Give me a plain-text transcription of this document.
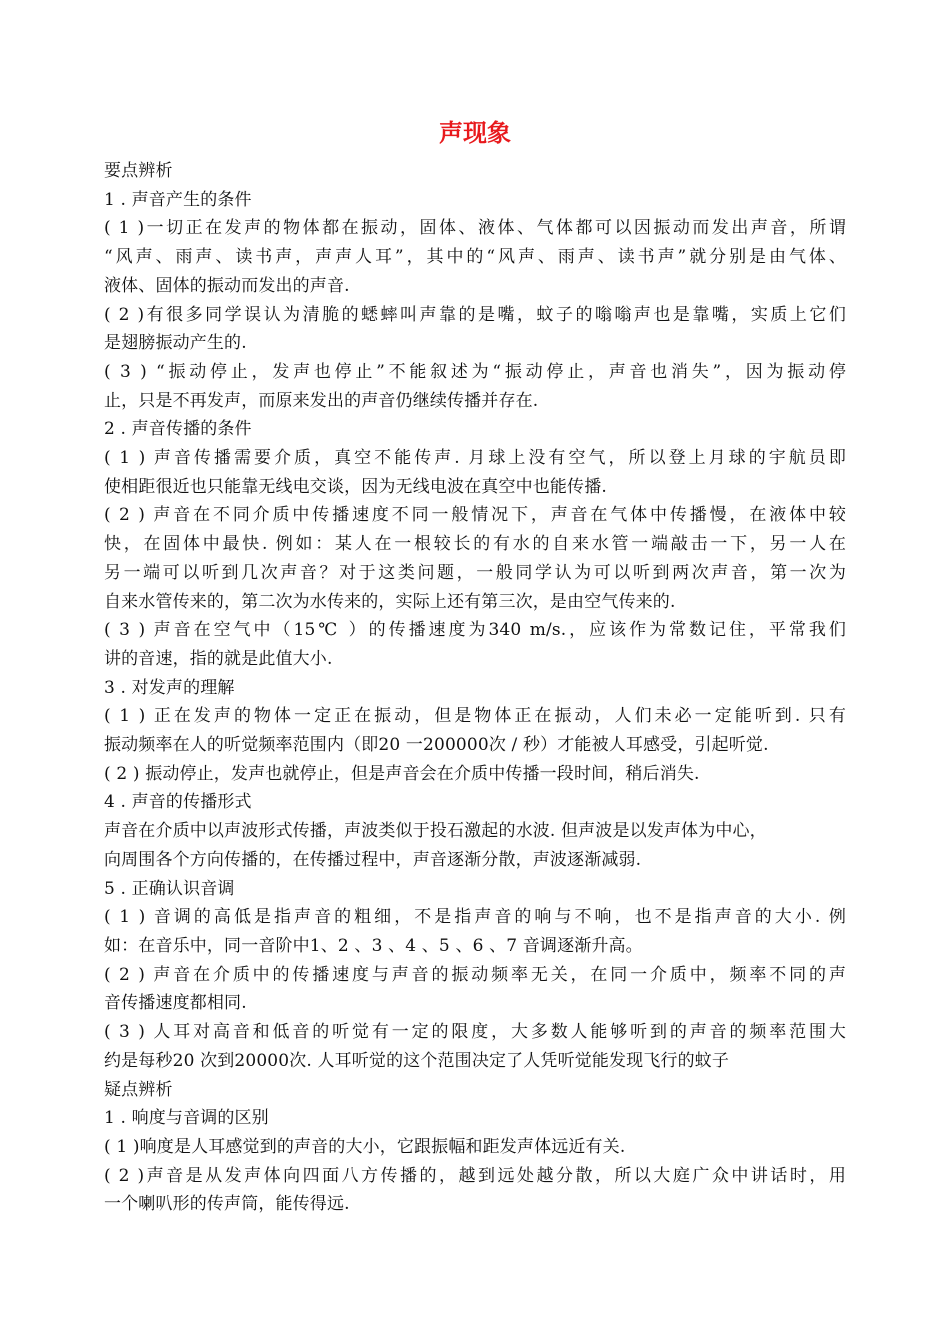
声现象
要点辨析
1 . 声音产生的条件
( 1 )一切正在发声的物体都在振动，固体、液体、气体都可以因振动而发出声音，所谓
“风声、雨声、读书声，声声人耳”，其中的“风声、雨声、读书声”就分别是由气体、
液体、固体的振动而发出的声音.
( 2 )有很多同学误认为清脆的蟋蟀叫声靠的是嘴，蚊子的嗡嗡声也是靠嘴，实质上它们
是翅膀振动产生的.
( 3 ) “振动停止，发声也停止”不能叙述为“振动停止，声音也消失”，因为振动停
止，只是不再发声，而原来发出的声音仍继续传播并存在.
2 . 声音传播的条件
( 1 ) 声音传播需要介质，真空不能传声. 月球上没有空气，所以登上月球的宇航员即
使相距很近也只能靠无线电交谈，因为无线电波在真空中也能传播.
( 2 ) 声音在不同介质中传播速度不同一般情况下，声音在气体中传播慢，在液体中较
快，在固体中最快. 例如：某人在一根较长的有水的自来水管一端敲击一下，另一人在
另一端可以听到几次声音？对于这类问题，一般同学认为可以听到两次声音，第一次为
自来水管传来的，第二次为水传来的，实际上还有第三次，是由空气传来的.
( 3 ) 声音在空气中（15℃ ）的传播速度为340 m/s.，应该作为常数记住，平常我们
讲的音速，指的就是此值大小.
3 . 对发声的理解
( 1 ) 正在发声的物体一定正在振动，但是物体正在振动，人们未必一定能听到. 只有
振动频率在人的听觉频率范围内（即20 一200000次 / 秒）才能被人耳感受，引起听觉.
( 2 ) 振动停止，发声也就停止，但是声音会在介质中传播一段时间，稍后消失.
4 . 声音的传播形式
声音在介质中以声波形式传播，声波类似于投石激起的水波. 但声波是以发声体为中心，
向周围各个方向传播的，在传播过程中，声音逐渐分散，声波逐渐减弱.
5 . 正确认识音调
( 1 ) 音调的高低是指声音的粗细，不是指声音的响与不响，也不是指声音的大小. 例
如：在音乐中，同一音阶中1、2 、3 、4 、5 、6 、7 音调逐渐升高。
( 2 ) 声音在介质中的传播速度与声音的振动频率无关，在同一介质中，频率不同的声
音传播速度都相同.
( 3 ) 人耳对高音和低音的听觉有一定的限度，大多数人能够听到的声音的频率范围大
约是每秒20 次到20000次. 人耳听觉的这个范围决定了人凭听觉能发现飞行的蚊子
疑点辨析
1 . 响度与音调的区别
( 1 )响度是人耳感觉到的声音的大小，它跟振幅和距发声体远近有关.
( 2 )声音是从发声体向四面八方传播的，越到远处越分散，所以大庭广众中讲话时，用
一个喇叭形的传声筒，能传得远.
